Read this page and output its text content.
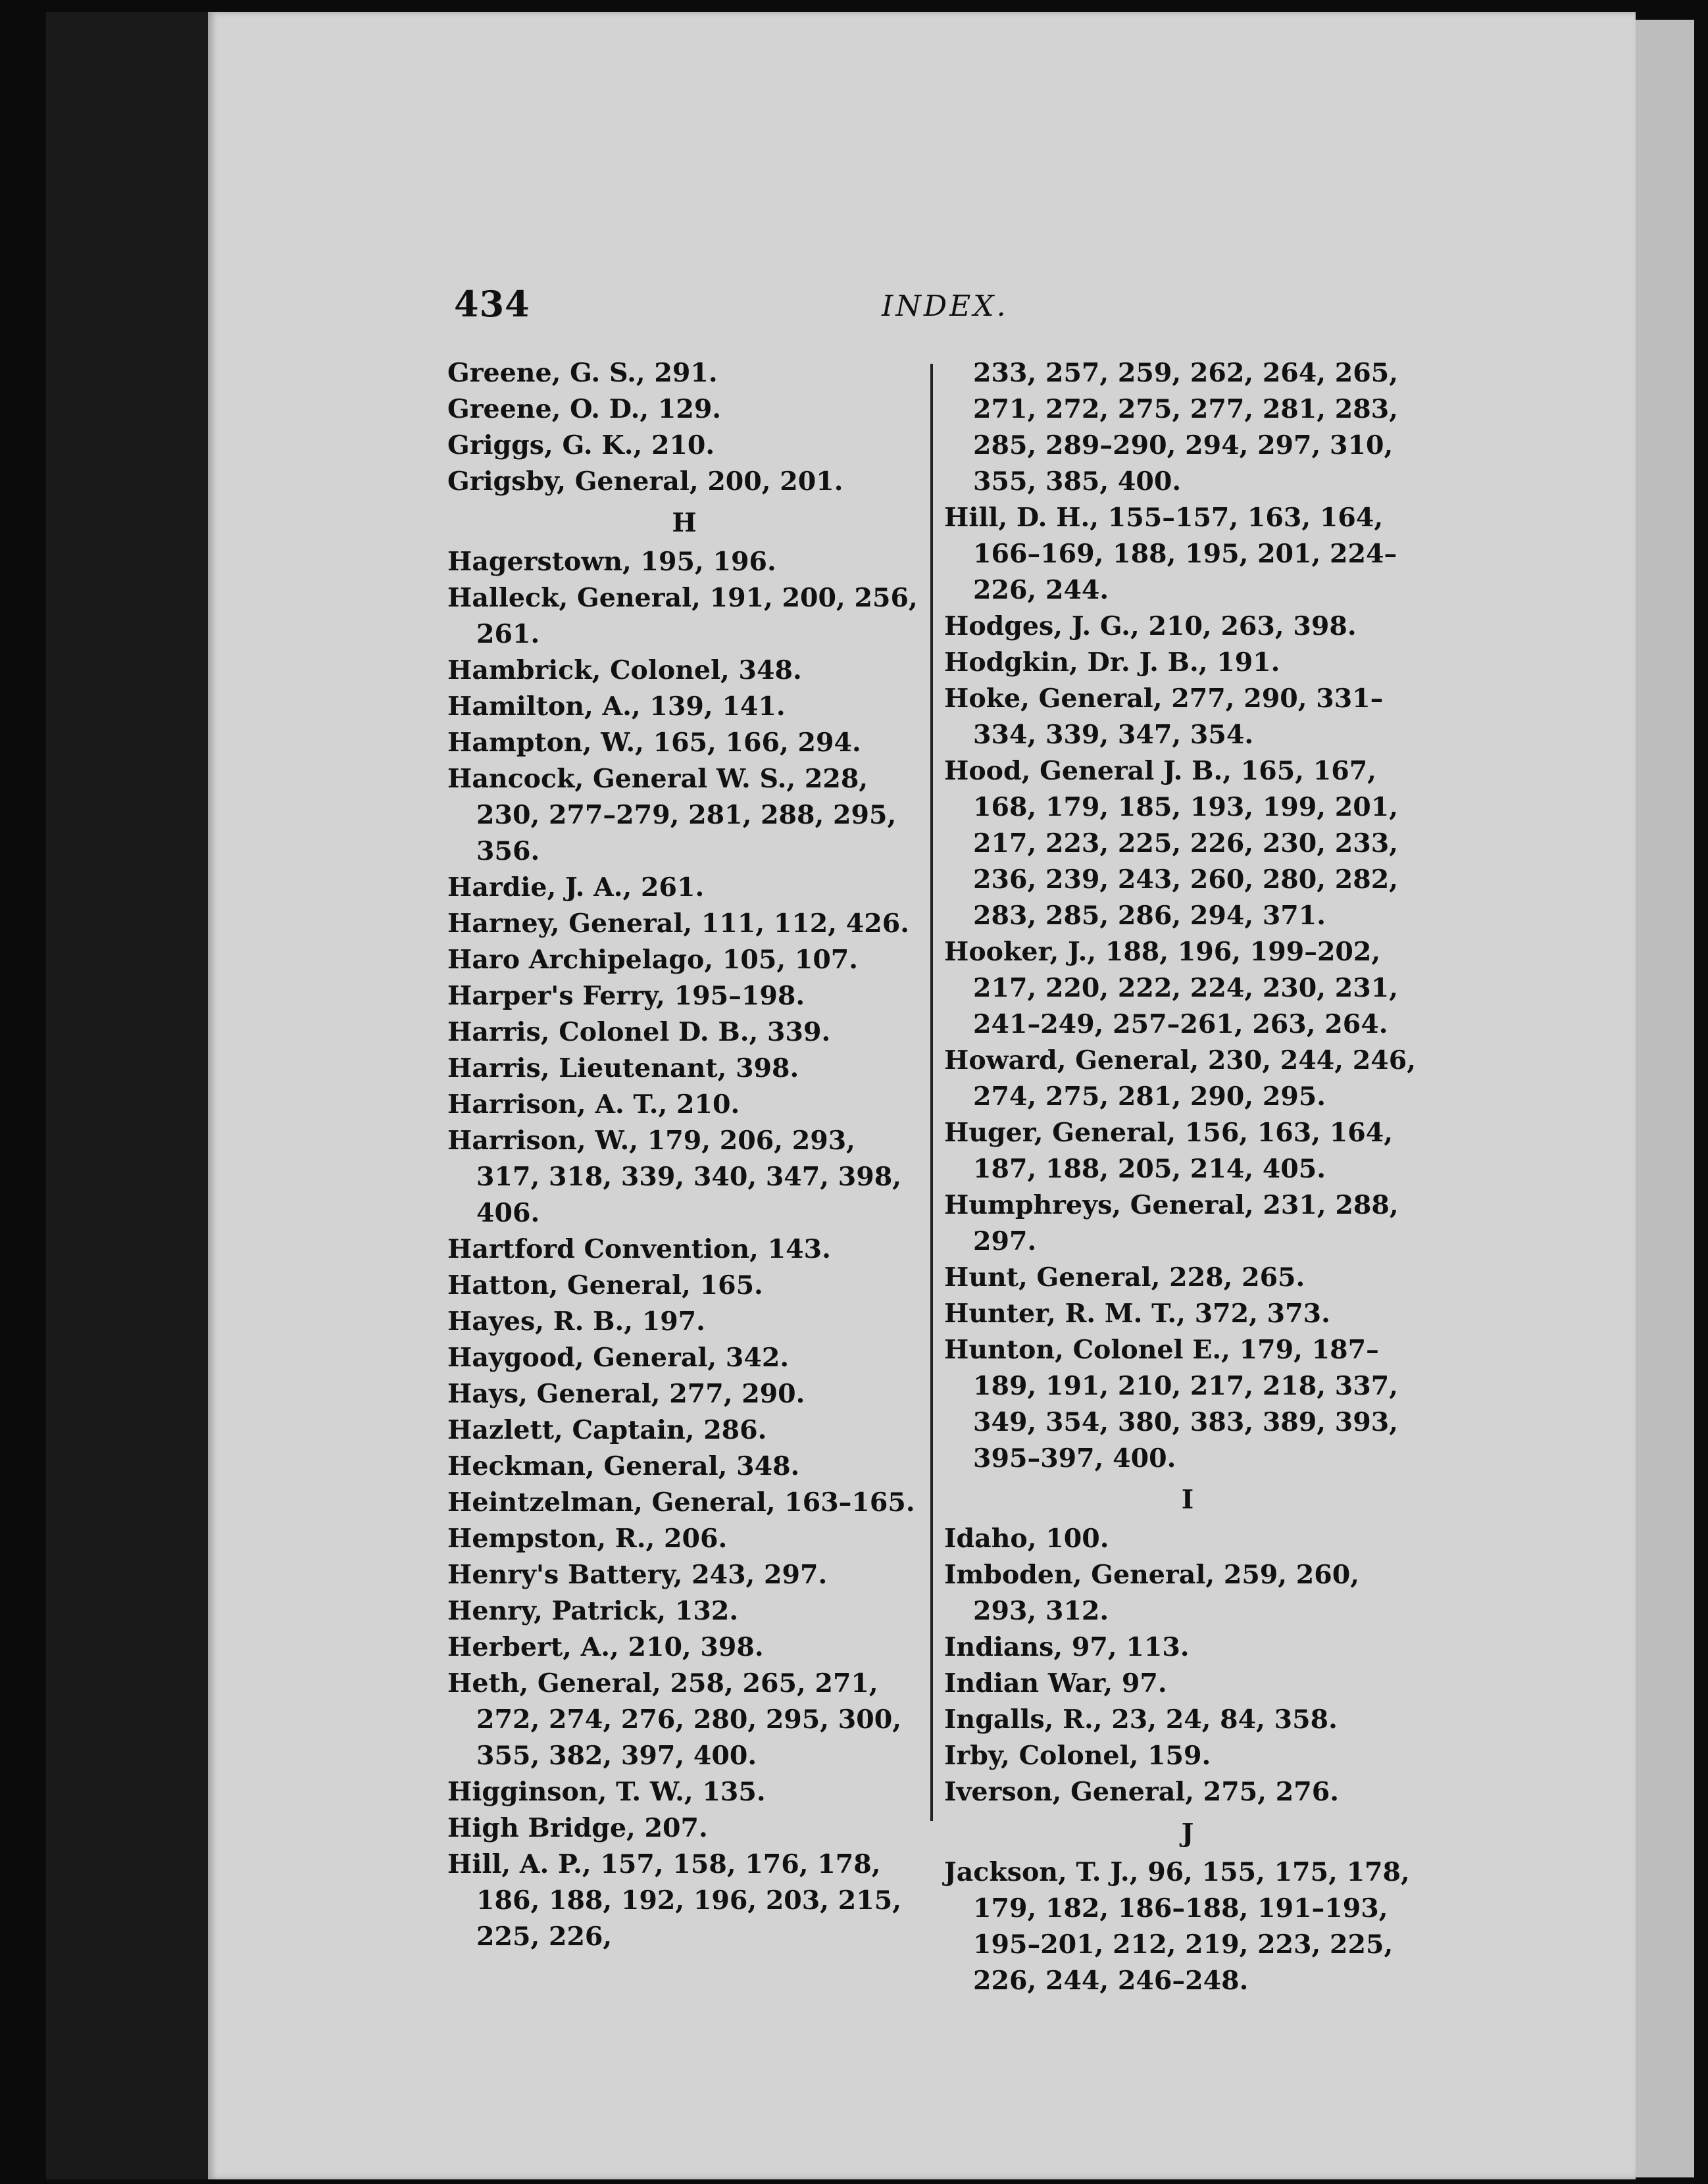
434	INDEX.
Greene, G. S., 291.
Greene, O. D., 129.
Griggs, G. K., 210.
Grigsby, General, 200, 201.
H
Hagerstown, 195, 196.
Halleck, General, 191, 200, 256, 261.
Hambrick, Colonel, 348.
Hamilton, A., 139, 141.
Hampton, W., 165, 166, 294.
Hancock, General W. S., 228, 230, 277–279, 281, 288, 295, 356.
Hardie, J. A., 261.
Harney, General, 111, 112, 426.
Haro Archipelago, 105, 107.
Harper's Ferry, 195–198.
Harris, Colonel D. B., 339.
Harris, Lieutenant, 398.
Harrison, A. T., 210.
Harrison, W., 179, 206, 293, 317, 318, 339, 340, 347, 398, 406.
Hartford Convention, 143.
Hatton, General, 165.
Hayes, R. B., 197.
Haygood, General, 342.
Hays, General, 277, 290.
Hazlett, Captain, 286.
Heckman, General, 348.
Heintzelman, General, 163–165.
Hempston, R., 206.
Henry's Battery, 243, 297.
Henry, Patrick, 132.
Herbert, A., 210, 398.
Heth, General, 258, 265, 271, 272, 274, 276, 280, 295, 300, 355, 382, 397, 400.
Higginson, T. W., 135.
High Bridge, 207.
Hill, A. P., 157, 158, 176, 178, 186, 188, 192, 196, 203, 215, 225, 226,
233, 257, 259, 262, 264, 265, 271, 272, 275, 277, 281, 283, 285, 289–290, 294, 297, 310, 355, 385, 400.
Hill, D. H., 155–157, 163, 164, 166–169, 188, 195, 201, 224–226, 244.
Hodges, J. G., 210, 263, 398.
Hodgkin, Dr. J. B., 191.
Hoke, General, 277, 290, 331–334, 339, 347, 354.
Hood, General J. B., 165, 167, 168, 179, 185, 193, 199, 201, 217, 223, 225, 226, 230, 233, 236, 239, 243, 260, 280, 282, 283, 285, 286, 294, 371.
Hooker, J., 188, 196, 199–202, 217, 220, 222, 224, 230, 231, 241–249, 257–261, 263, 264.
Howard, General, 230, 244, 246, 274, 275, 281, 290, 295.
Huger, General, 156, 163, 164, 187, 188, 205, 214, 405.
Humphreys, General, 231, 288, 297.
Hunt, General, 228, 265.
Hunter, R. M. T., 372, 373.
Hunton, Colonel E., 179, 187–189, 191, 210, 217, 218, 337, 349, 354, 380, 383, 389, 393, 395–397, 400.
I
Idaho, 100.
Imboden, General, 259, 260, 293, 312.
Indians, 97, 113.
Indian War, 97.
Ingalls, R., 23, 24, 84, 358.
Irby, Colonel, 159.
Iverson, General, 275, 276.
J
Jackson, T. J., 96, 155, 175, 178, 179, 182, 186–188, 191–193, 195–201, 212, 219, 223, 225, 226, 244, 246–248.
